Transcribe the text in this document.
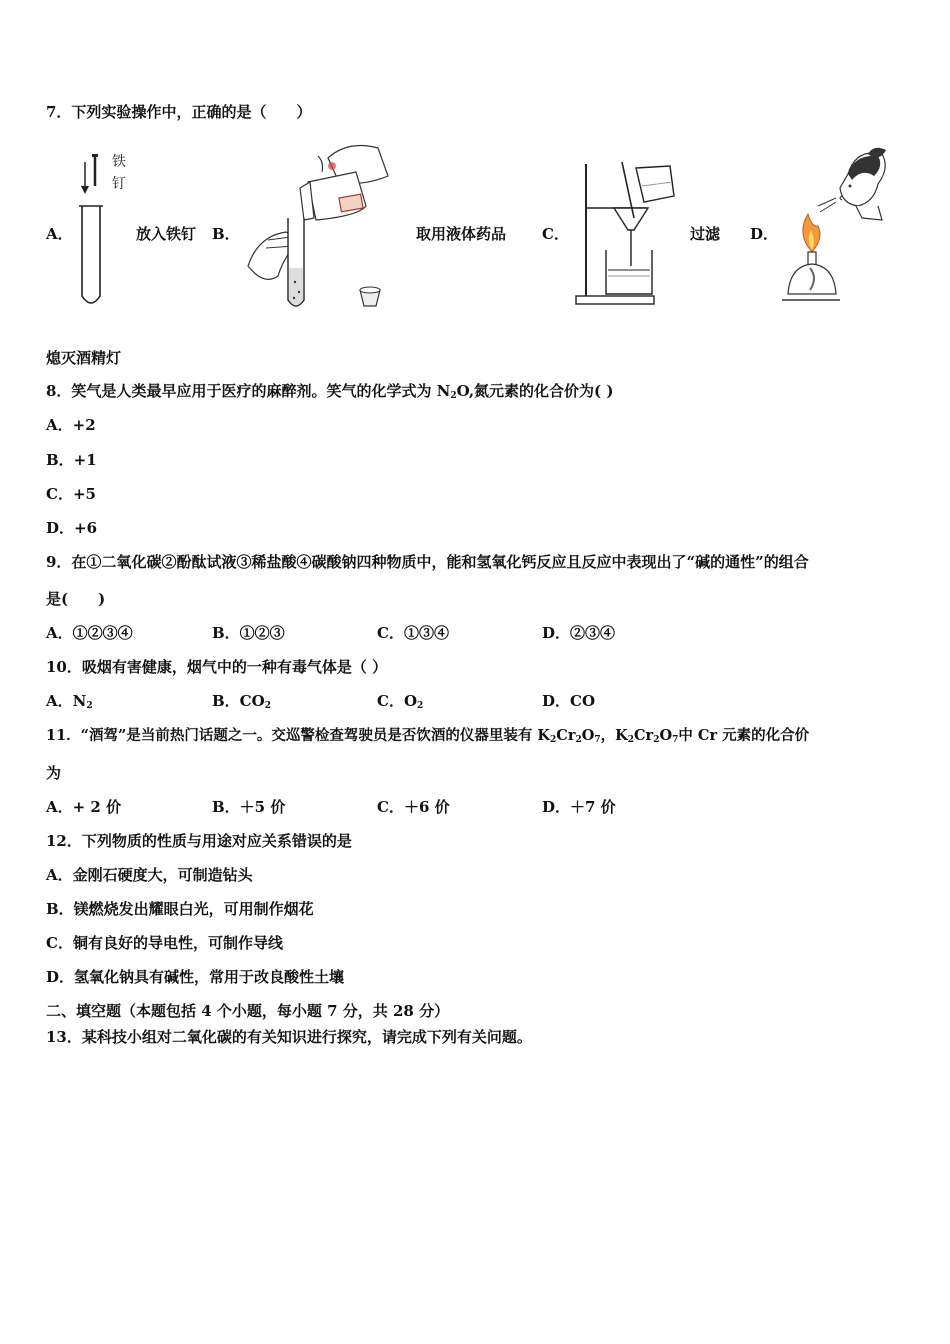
7．下列实验操作中，正确的是（　　）
A．
铁
钉
放入铁钉 B．	取用液体药品 C．	过滤 D．
熄灭酒精灯
8．笑气是人类最早应用于医疗的麻醉剂。笑气的化学式为 $N_2O$,氮元素的化合价为( )
A．+2
B．+1
C．+5
D．+6
9．在①二氧化碳②酚酞试液③稀盐酸④碳酸钠四种物质中，能和氢氧化钙反应且反应中表现出了“碱的通性”的组合
是(　　)
A．①②③④	B．①②③	C．①③④	D．②③④
10．吸烟有害健康，烟气中的一种有毒气体是（ ）
A．$N_2$	B．$CO_2$	C．$O_2$	D．CO
11．“酒驾”是当前热门话题之一。交巡警检查驾驶员是否饮酒的仪器里装有 $K_2Cr_2O_7$，$K_2Cr_2O_7$中 Cr 元素的化合价
为
A．+ 2 价	B．＋5 价	C．＋6 价	D．＋7 价
12．下列物质的性质与用途对应关系错误的是
A．金刚石硬度大，可制造钻头
B．镁燃烧发出耀眼白光，可用制作烟花
C．铜有良好的导电性，可制作导线
D．氢氧化钠具有碱性，常用于改良酸性土壤
二、填空题（本题包括 4 个小题，每小题 7 分，共 28 分）
13．某科技小组对二氧化碳的有关知识进行探究，请完成下列有关问题。
